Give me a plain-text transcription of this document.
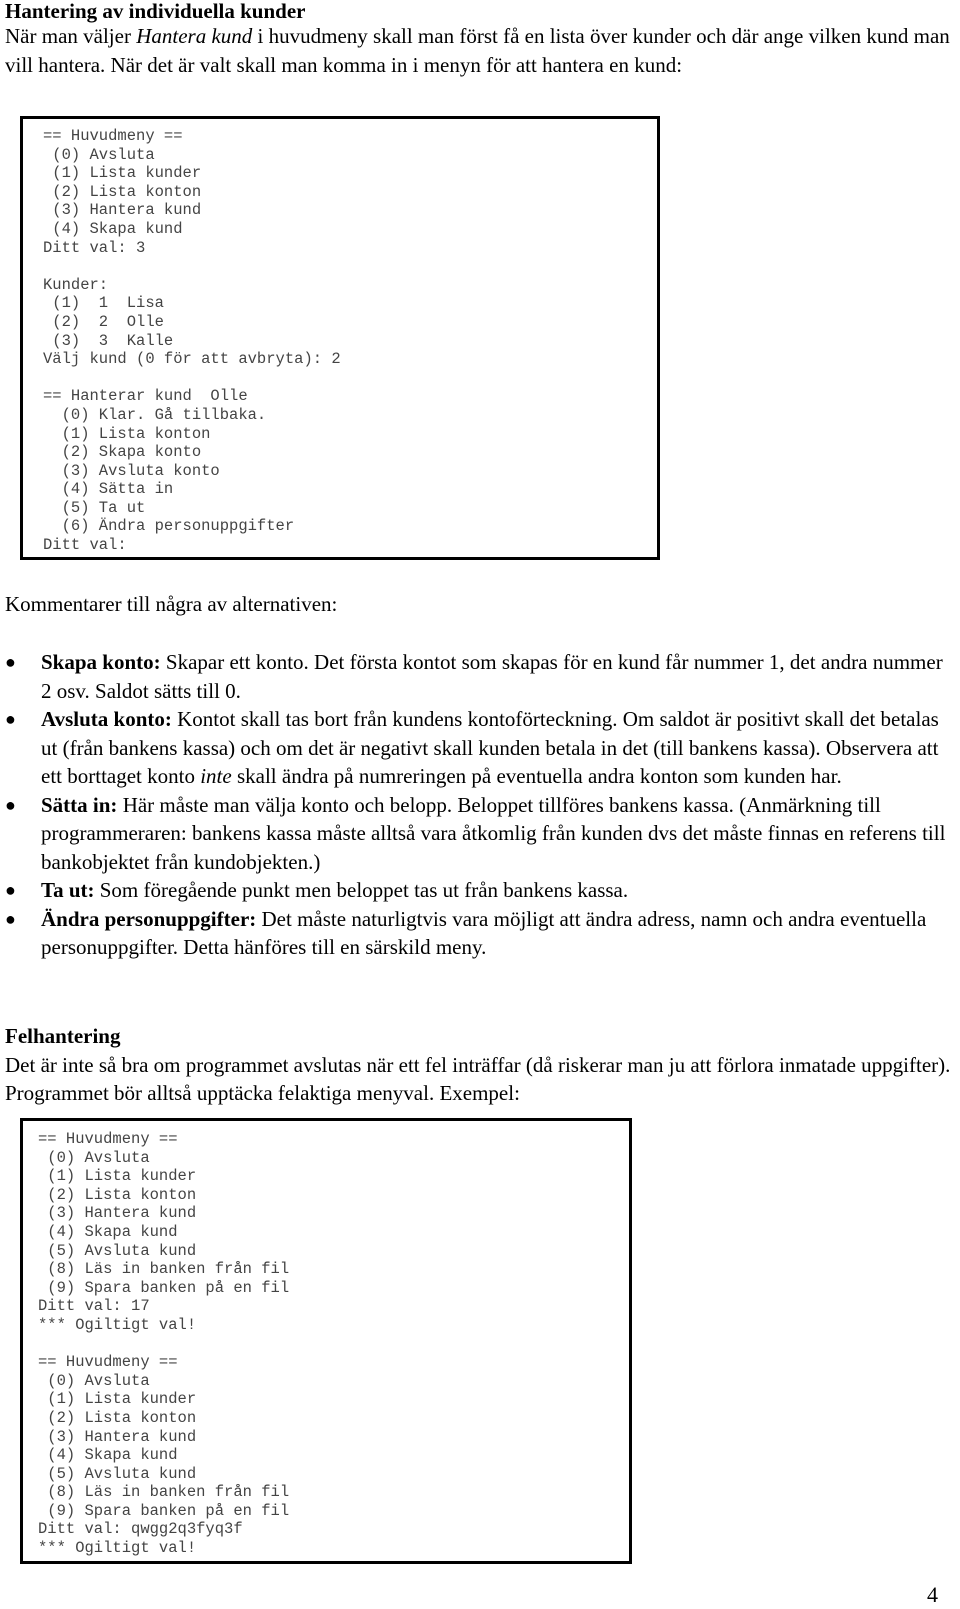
Hantering av individuella kunder

När man väljer Hantera kund i huvudmeny skall man först få en lista över kunder och där ange vilken kund man vill hantera. När det är valt skall man komma in i menyn för att hantera en kund:

== Huvudmeny ==
(0) Avsluta
(1) Lista kunder
(2) Lista konton
(3) Hantera kund
(4) Skapa kund
Ditt val: 3

Kunder:
(1)  1  Lisa
(2)  2  Olle
(3)  3  Kalle
Välj kund (0 för att avbryta): 2

== Hanterar kund  Olle
(0) Klar. Gå tillbaka.
(1) Lista konton
(2) Skapa konto
(3) Avsluta konto
(4) Sätta in
(5) Ta ut
(6) Ändra personuppgifter
Ditt val:
Kommentarer till några av alternativen:
● Skapa konto: Skapar ett konto. Det första kontot som skapas för en kund får nummer 1, det andra nummer 2 osv. Saldot sätts till 0.
● Avsluta konto: Kontot skall tas bort från kundens kontoförteckning. Om saldot är positivt skall det betalas ut (från bankens kassa) och om det är negativt skall kunden betala in det (till bankens kassa). Observera att ett borttaget konto inte skall ändra på numreringen på eventuella andra konton som kunden har.
● Sätta in: Här måste man välja konto och belopp. Beloppet tillföres bankens kassa. (Anmärkning till programmeraren: bankens kassa måste alltså vara åtkomlig från kunden dvs det måste finnas en referens till bankobjektet från kundobjekten.)
● Ta ut: Som föregående punkt men beloppet tas ut från bankens kassa.
● Ändra personuppgifter: Det måste naturligtvis vara möjligt att ändra adress, namn och andra eventuella personuppgifter. Detta hänföres till en särskild meny.

Felhantering

Det är inte så bra om programmet avslutas när ett fel inträffar (då riskerar man ju att förlora inmatade uppgifter). Programmet bör alltså upptäcka felaktiga menyval. Exempel:

== Huvudmeny ==
(0) Avsluta
(1) Lista kunder
(2) Lista konton
(3) Hantera kund
(4) Skapa kund
(5) Avsluta kund
(8) Läs in banken från fil
(9) Spara banken på en fil
Ditt val: 17
*** Ogiltigt val!

== Huvudmeny ==
(0) Avsluta
(1) Lista kunder
(2) Lista konton
(3) Hantera kund
(4) Skapa kund
(5) Avsluta kund
(8) Läs in banken från fil
(9) Spara banken på en fil
Ditt val: qwgg2q3fyq3f
*** Ogiltigt val!
4
